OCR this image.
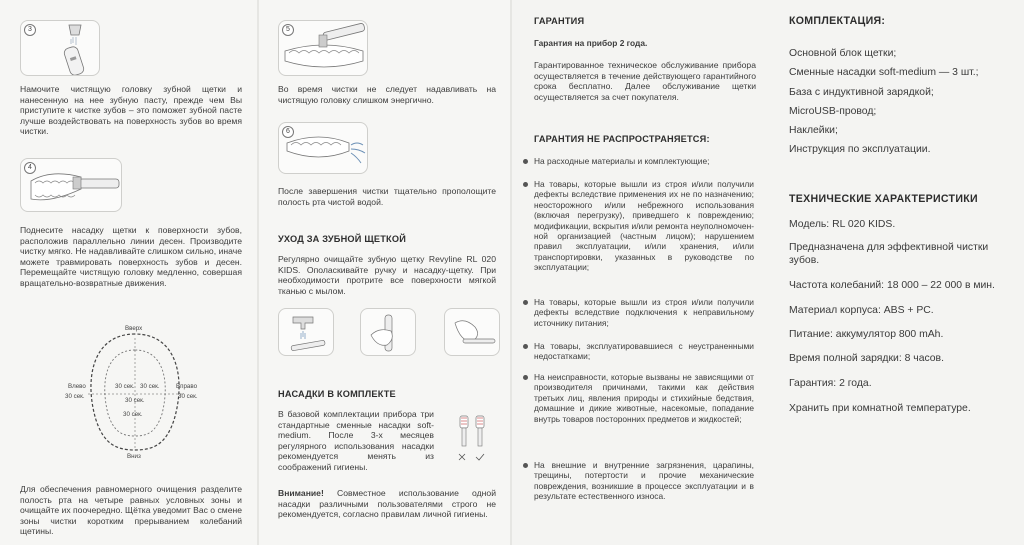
3
Намочите чистящую головку зубной щетки и нанесенную на нее зубную пасту, прежде чем Вы приступите к чистке зубов – это поможет зубной пасте лучше воздействовать на поверхность зубов во время чистки.
4
Поднесите насадку щетки к поверхности зубов, расположив параллельно линии десен. Производите чистку мягко. Не надавливайте слишком сильно, иначе можете травмировать поверхность зубов и десен. Перемещайте чистящую головку медленно, совершая вращательно-возвратные движения.
Вверх
Вниз
Влево	Вправо
30 сек.
30 сек. 30 сек.
30 сек.
30 сек.
30 сек.
Для обеспечения равномерного очищения разделите полость рта на четыре равных условных зоны и очищайте их поочередно. Щётка уведомит Вас о смене зоны чистки коротким прерыванием колебаний щетины.
5
Во время чистки не следует надавливать на чистящую головку слишком энергично.
6
После завершения чистки тщательно прополощите полость рта чистой водой.
УХОД ЗА ЗУБНОЙ ЩЕТКОЙ
Регулярно очищайте зубную щетку Revyline RL 020 KIDS. Ополаскивайте ручку и насадку-щетку. При необходимости протрите все поверхности мягкой тканью с мылом.
НАСАДКИ В КОМПЛЕКТЕ
В базовой комплектации прибора три стандартные сменные насадки soft-medium. После 3-х месяцев регулярного использования насадки рекомендуется менять из соображений гигиены.
Внимание! Совместное использование одной насадки различными пользователями строго не рекомендуется, согласно правилам личной гигиены.
ГАРАНТИЯ
Гарантия на прибор 2 года.
Гарантированное техническое обслуживание прибора осуществляется в течение действующего гарантийного срока бесплатно. Далее обслуживание щетки осуществляется за счет покупателя.
ГАРАНТИЯ НЕ РАСПРОСТРАНЯЕТСЯ:
На расходные материалы и комплектующие;
На товары, которые вышли из строя и/или получили дефекты вследствие применения их не по назначению; неосторожного и/или небрежного использования (включая перегрузку), приведшего к повреждению; модификации, вскрытия и/или ремонта неуполномоченной организацией (частным лицом); нарушением правил эксплуатации, и/или хранения, и/или транспортировки, указанных в руководстве по эксплуатации;
На товары, которые вышли из строя и/или получили дефекты вследствие подключения к неправильному источнику питания;
На товары, эксплуатировавшиеся с неустраненными недостатками;
На неисправности, которые вызваны не зависящими от производителя причинами, такими как действия третьих лиц, явления природы и стихийные бедствия, домашние и дикие животные, насекомые, попадание внутрь товаров посторонних предметов и жидкостей;
На внешние и внутренние загрязнения, царапины, трещины, потертости и прочие механические повреждения, возникшие в процессе эксплуатации и в результате естественного износа.
КОМПЛЕКТАЦИЯ:
Основной блок щетки;
Сменные насадки soft-medium — 3 шт.;
База с индуктивной зарядкой;
MicroUSB-провод;
Наклейки;
Инструкция по эксплуатации.
ТЕХНИЧЕСКИЕ ХАРАКТЕРИСТИКИ
Модель: RL 020 KIDS.
Предназначена для эффективной чистки зубов.
Частота колебаний: 18 000 – 22 000 в мин.
Материал корпуса: ABS + PC.
Питание: аккумулятор 800 mAh.
Время полной зарядки: 8 часов.
Гарантия: 2 года.
Хранить при комнатной температуре.
